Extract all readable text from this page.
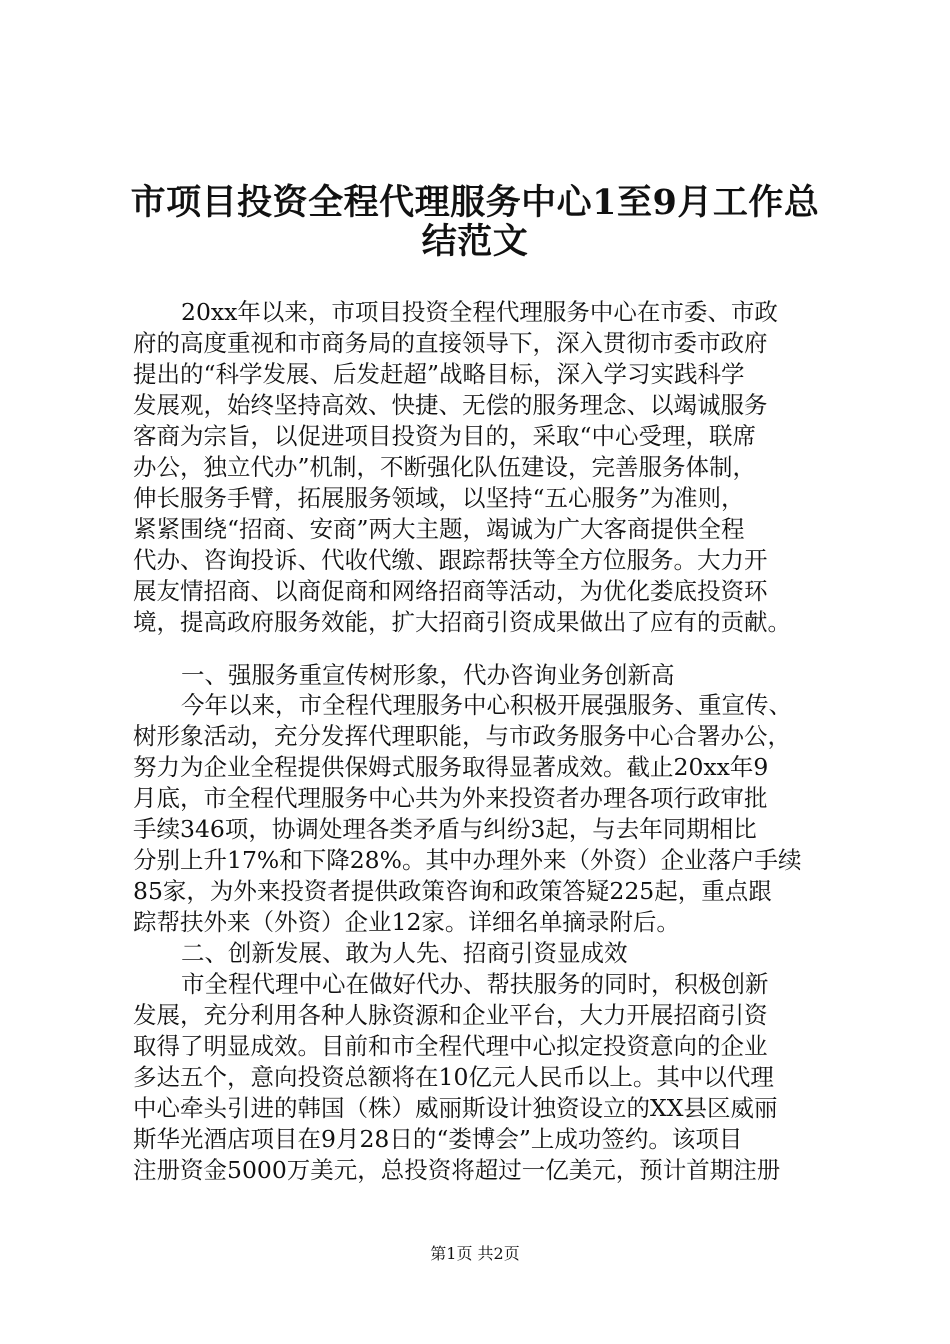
市项目投资全程代理服务中心1至9月工作总
结范文
20xx年以来，市项目投资全程代理服务中心在市委、市政
府的高度重视和市商务局的直接领导下，深入贯彻市委市政府
提出的“科学发展、后发赶超”战略目标，深入学习实践科学
发展观，始终坚持高效、快捷、无偿的服务理念、以竭诚服务
客商为宗旨，以促进项目投资为目的，采取“中心受理，联席
办公，独立代办”机制，不断强化队伍建设，完善服务体制，
伸长服务手臂，拓展服务领域，以坚持“五心服务”为准则，
紧紧围绕“招商、安商”两大主题，竭诚为广大客商提供全程
代办、咨询投诉、代收代缴、跟踪帮扶等全方位服务。大力开
展友情招商、以商促商和网络招商等活动，为优化娄底投资环
境，提高政府服务效能，扩大招商引资成果做出了应有的贡献。
一、强服务重宣传树形象，代办咨询业务创新高
今年以来，市全程代理服务中心积极开展强服务、重宣传、
树形象活动，充分发挥代理职能，与市政务服务中心合署办公，
努力为企业全程提供保姆式服务取得显著成效。截止20xx年9
月底，市全程代理服务中心共为外来投资者办理各项行政审批
手续346项，协调处理各类矛盾与纠纷3起，与去年同期相比
分别上升17%和下降28%。其中办理外来（外资）企业落户手续
85家，为外来投资者提供政策咨询和政策答疑225起，重点跟
踪帮扶外来（外资）企业12家。详细名单摘录附后。
二、创新发展、敢为人先、招商引资显成效
市全程代理中心在做好代办、帮扶服务的同时，积极创新
发展，充分利用各种人脉资源和企业平台，大力开展招商引资
取得了明显成效。目前和市全程代理中心拟定投资意向的企业
多达五个，意向投资总额将在10亿元人民币以上。其中以代理
中心牵头引进的韩国（株）威丽斯设计独资设立的XX县区威丽
斯华光酒店项目在9月28日的“娄博会”上成功签约。该项目
注册资金5000万美元，总投资将超过一亿美元，预计首期注册
第1页 共2页
